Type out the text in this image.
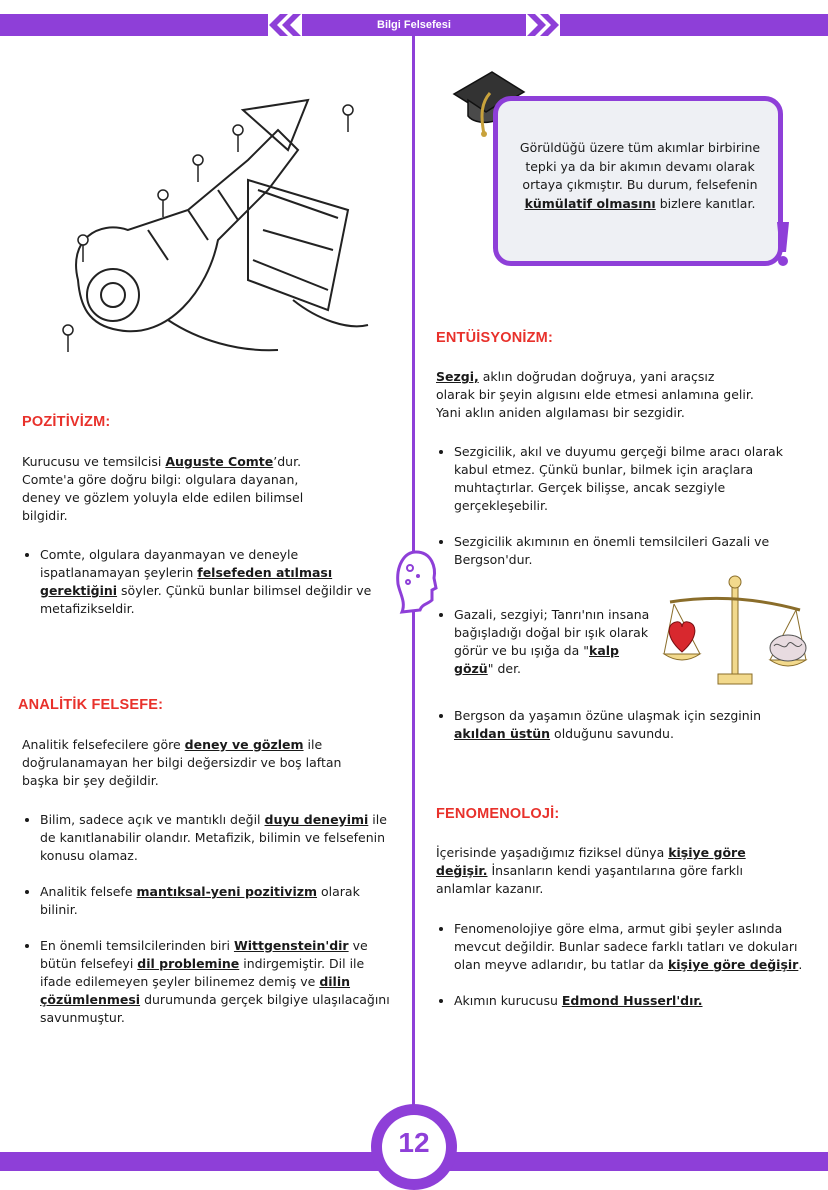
Bilgi Felsefesi
Görüldüğü üzere tüm akımlar birbirine tepki ya da bir akımın devamı olarak ortaya çıkmıştır. Bu durum, felsefenin kümülatif olmasını bizlere kanıtlar.
POZİTİVİZM:
Kurucusu ve temsilcisi Auguste Comte’dur. Comte'a göre doğru bilgi: olgulara dayanan, deney ve gözlem yoluyla elde edilen bilimsel bilgidir.
• Comte, olgulara dayanmayan ve deneyle ispatlanamayan şeylerin felsefeden atılması gerektiğini söyler. Çünkü bunlar bilimsel değildir ve metafizikseldir.
ANALİTİK FELSEFE:
Analitik felsefecilere göre deney ve gözlem ile doğrulanamayan her bilgi değersizdir ve boş laftan başka bir şey değildir.
• Bilim, sadece açık ve mantıklı değil duyu deneyimi ile de kanıtlanabilir olandır. Metafizik, bilimin ve felsefenin konusu olamaz.
• Analitik felsefe mantıksal-yeni pozitivizm olarak bilinir.
• En önemli temsilcilerinden biri Wittgenstein'dir ve bütün felsefeyi dil problemine indirgemiştir. Dil ile ifade edilemeyen şeyler bilinemez demiş ve dilin çözümlenmesi durumunda gerçek bilgiye ulaşılacağını savunmuştur.
ENTÜİSYONİZM:
Sezgi, aklın doğrudan doğruya, yani araçsız olarak bir şeyin algısını elde etmesi anlamına gelir. Yani aklın aniden algılaması bir sezgidir.
• Sezgicilik, akıl ve duyumu gerçeği bilme aracı olarak kabul etmez. Çünkü bunlar, bilmek için araçlara muhtaçtırlar. Gerçek bilişse, ancak sezgiyle gerçekleşebilir.
• Sezgicilik akımının en önemli temsilcileri Gazali ve Bergson'dur.
• Gazali, sezgiyi; Tanrı'nın insana bağışladığı doğal bir ışık olarak görür ve bu ışığa da "kalp gözü" der.
• Bergson da yaşamın özüne ulaşmak için sezginin akıldan üstün olduğunu savundu.
FENOMENOLOJİ:
İçerisinde yaşadığımız fiziksel dünya kişiye göre değişir. İnsanların kendi yaşantılarına göre farklı anlamlar kazanır.
• Fenomenolojiye göre elma, armut gibi şeyler aslında mevcut değildir. Bunlar sadece farklı tatları ve dokuları olan meyve adlarıdır, bu tatlar da kişiye göre değişir.
• Akımın kurucusu Edmond Husserl'dır.
12
